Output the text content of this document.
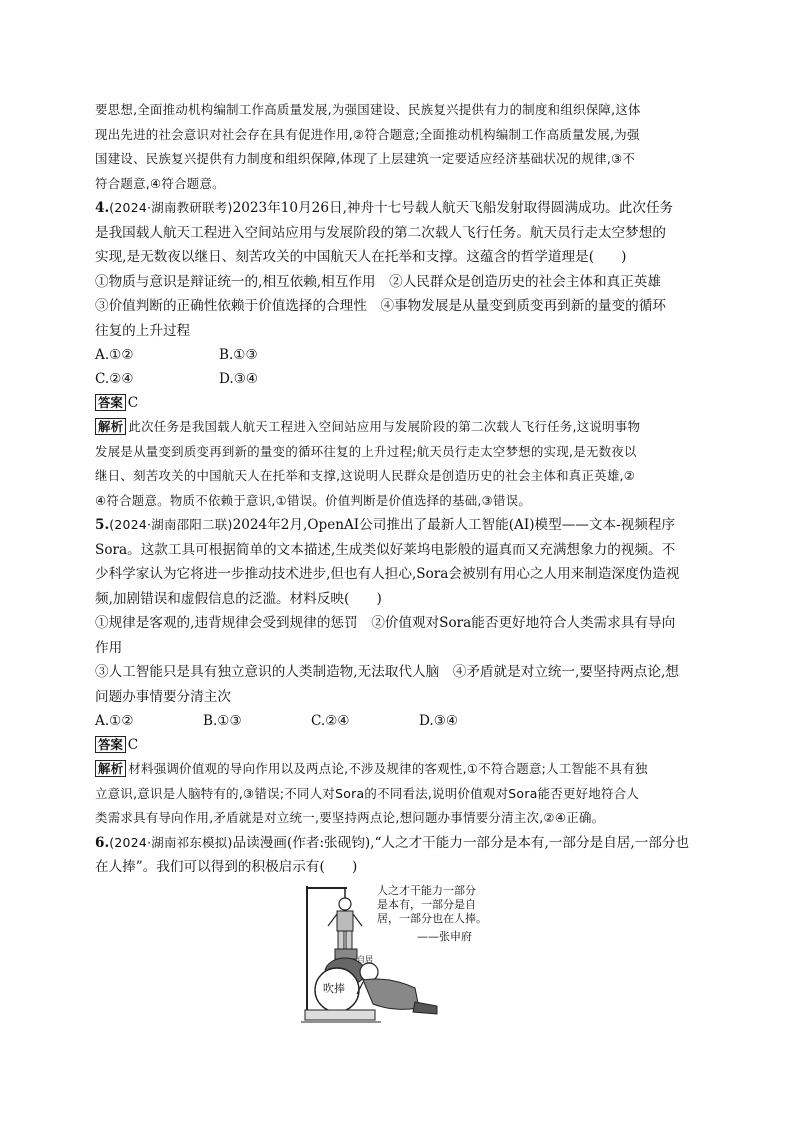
要思想,全面推动机构编制工作高质量发展,为强国建设、民族复兴提供有力的制度和组织保障,这体

现出先进的社会意识对社会存在具有促进作用,②符合题意;全面推动机构编制工作高质量发展,为强

国建设、民族复兴提供有力制度和组织保障,体现了上层建筑一定要适应经济基础状况的规律,③不

符合题意,④符合题意。

4.(2024·湖南教研联考)2023年10月26日,神舟十七号载人航天飞船发射取得圆满成功。此次任务

是我国载人航天工程进入空间站应用与发展阶段的第二次载人飞行任务。航天员行走太空梦想的

实现,是无数夜以继日、刻苦攻关的中国航天人在托举和支撑。这蕴含的哲学道理是(　　)

①物质与意识是辩证统一的,相互依赖,相互作用　②人民群众是创造历史的社会主体和真正英雄

③价值判断的正确性依赖于价值选择的合理性　④事物发展是从量变到质变再到新的量变的循环

往复的上升过程

A.①②	B.①③
C.②④	D.③④

答案 C

解析 此次任务是我国载人航天工程进入空间站应用与发展阶段的第二次载人飞行任务,这说明事物

发展是从量变到质变再到新的量变的循环往复的上升过程;航天员行走太空梦想的实现,是无数夜以

继日、刻苦攻关的中国航天人在托举和支撑,这说明人民群众是创造历史的社会主体和真正英雄,②

④符合题意。物质不依赖于意识,①错误。价值判断是价值选择的基础,③错误。

5.(2024·湖南邵阳二联)2024年2月,OpenAI公司推出了最新人工智能(AI)模型——文本-视频程序

Sora。这款工具可根据简单的文本描述,生成类似好莱坞电影般的逼真而又充满想象力的视频。不

少科学家认为它将进一步推动技术进步,但也有人担心,Sora会被别有用心之人用来制造深度伪造视

频,加剧错误和虚假信息的泛滥。材料反映(　　)

①规律是客观的,违背规律会受到规律的惩罚　②价值观对Sora能否更好地符合人类需求具有导向

作用

③人工智能只是具有独立意识的人类制造物,无法取代人脑　④矛盾就是对立统一,要坚持两点论,想

问题办事情要分清主次

A.①②	B.①③	C.②④	D.③④

答案 C

解析 材料强调价值观的导向作用以及两点论,不涉及规律的客观性,①不符合题意;人工智能不具有独

立意识,意识是人脑特有的,③错误;不同人对Sora的不同看法,说明价值观对Sora能否更好地符合人

类需求具有导向作用,矛盾就是对立统一,要坚持两点论,想问题办事情要分清主次,②④正确。

6.(2024·湖南祁东模拟)品读漫画(作者:张砚钧),“人之才干能力一部分是本有,一部分是自居,一部分也

在人捧”。我们可以得到的积极启示有(　　)

人之才干能力一部分
是本有，一部分是自
居，一部分也在人捧。
——张申府
吹捧
自居
